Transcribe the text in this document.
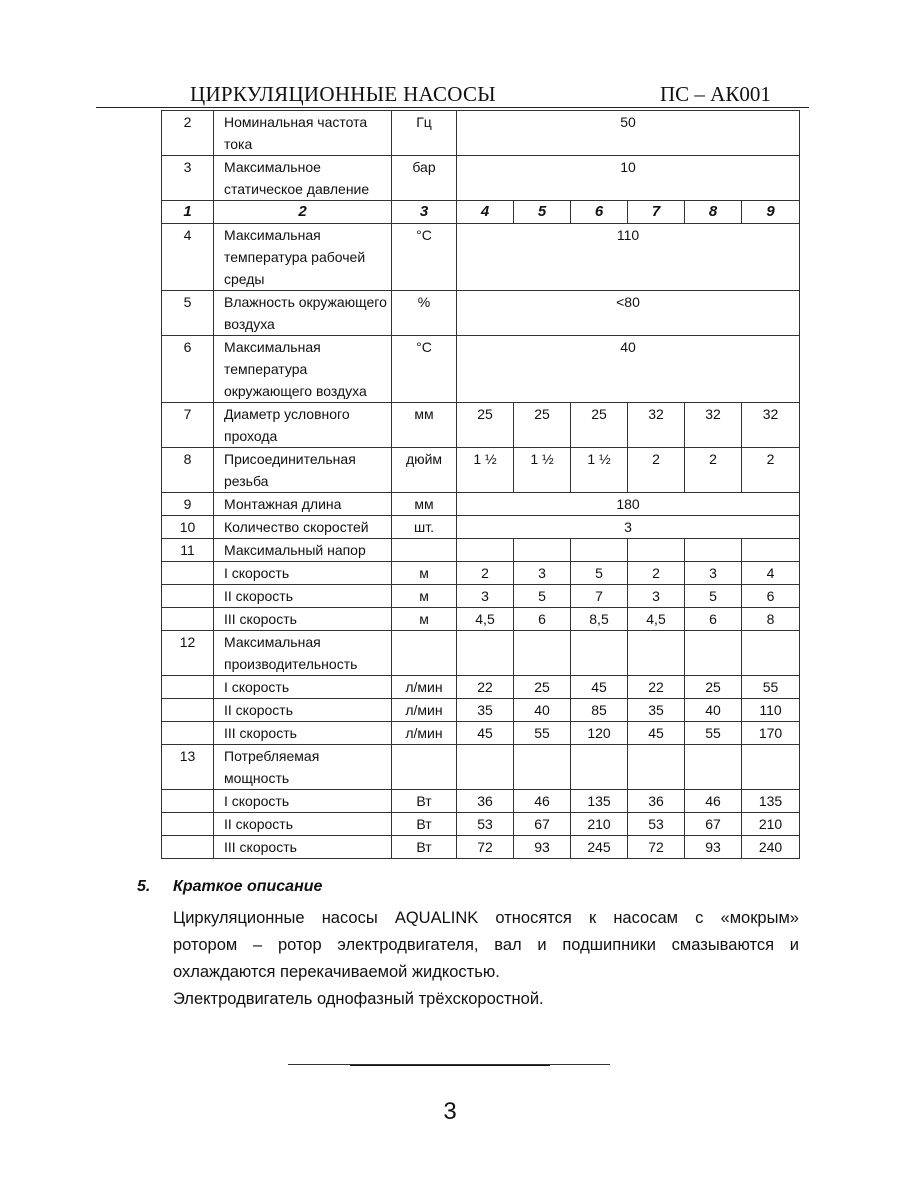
ЦИРКУЛЯЦИОННЫЕ НАСОСЫ	ПС – АК001
2	Номинальная частота тока	Гц	50					
3	Максимальное статическое давление	бар	10					
1	2	3	4	5	6	7	8	9
4	Максимальная температура рабочей среды	°С	110					
5	Влажность окружающего воздуха	%	<80					
6	Максимальная температура окружающего воздуха	°С	40					
7	Диаметр условного прохода	мм	25	25	25	32	32	32
8	Присоединительная резьба	дюйм	1 ½	1 ½	1 ½	2	2	2
9	Монтажная длина	мм	180					
10	Количество скоростей	шт.	3					
11	Максимальный напор							
	I скорость	м	2	3	5	2	3	4
	II скорость	м	3	5	7	3	5	6
	III скорость	м	4,5	6	8,5	4,5	6	8
12	Максимальная производительность							
	I скорость	л/мин	22	25	45	22	25	55
	II скорость	л/мин	35	40	85	35	40	110
	III скорость	л/мин	45	55	120	45	55	170
13	Потребляемая мощность							
	I скорость	Вт	36	46	135	36	46	135
	II скорость	Вт	53	67	210	53	67	210
	III скорость	Вт	72	93	245	72	93	240
5. Краткое описание
Циркуляционные насосы AQUALINK относятся к насосам с «мокрым»
ротором – ротор электродвигателя, вал и подшипники смазываются и
охлаждаются перекачиваемой жидкостью.
Электродвигатель однофазный трёхскоростной.
3
